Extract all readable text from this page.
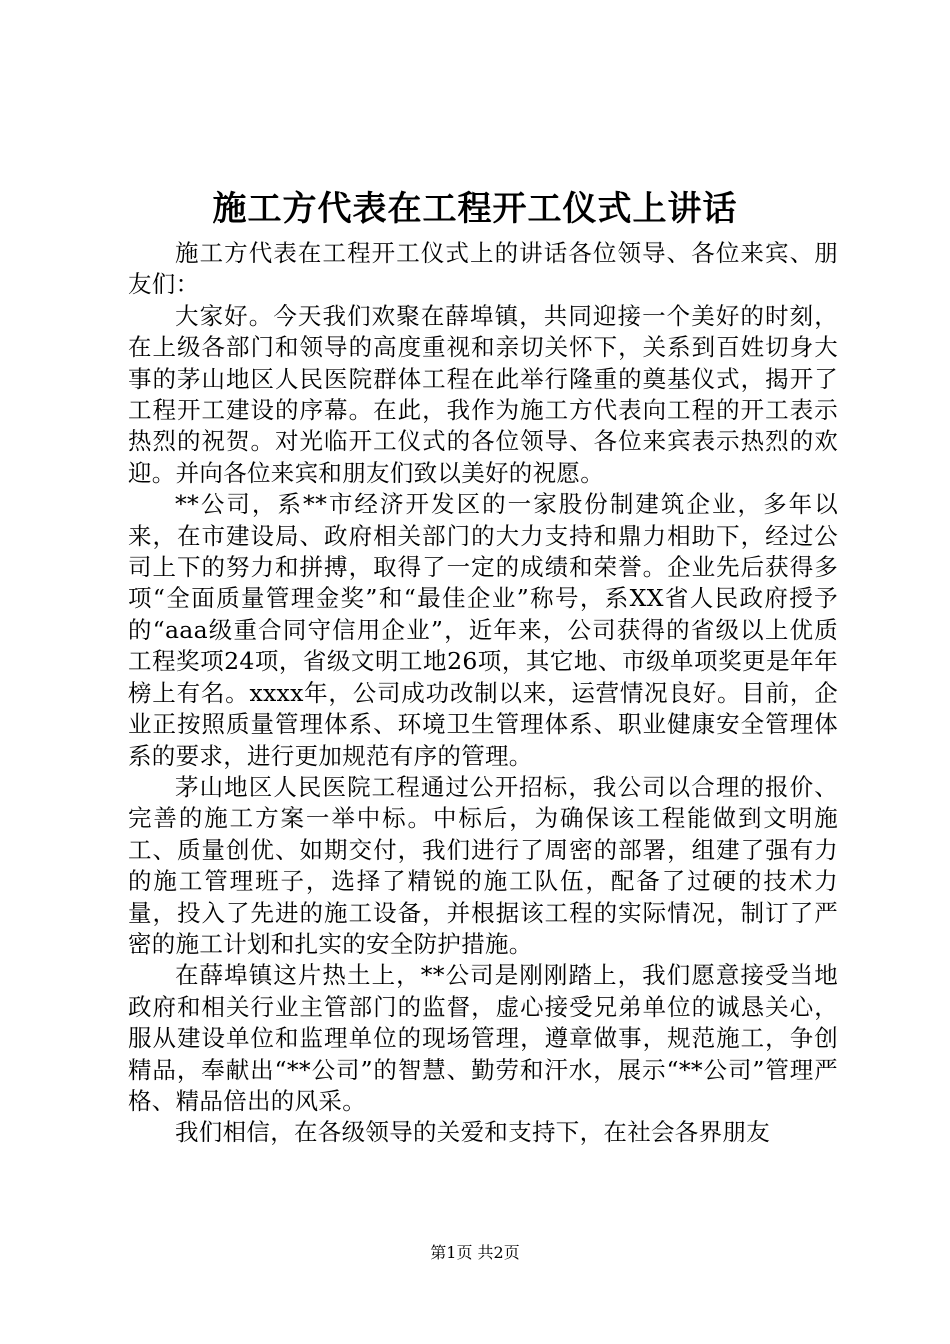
施工方代表在工程开工仪式上讲话

施工方代表在工程开工仪式上的讲话各位领导、各位来宾、朋友们：

大家好。今天我们欢聚在薛埠镇，共同迎接一个美好的时刻，在上级各部门和领导的高度重视和亲切关怀下，关系到百姓切身大事的茅山地区人民医院群体工程在此举行隆重的奠基仪式，揭开了工程开工建设的序幕。在此，我作为施工方代表向工程的开工表示热烈的祝贺。对光临开工仪式的各位领导、各位来宾表示热烈的欢迎。并向各位来宾和朋友们致以美好的祝愿。

**公司，系**市经济开发区的一家股份制建筑企业，多年以来，在市建设局、政府相关部门的大力支持和鼎力相助下，经过公司上下的努力和拼搏，取得了一定的成绩和荣誉。企业先后获得多项“全面质量管理金奖”和“最佳企业”称号，系XX省人民政府授予的“aaa级重合同守信用企业”，近年来，公司获得的省级以上优质工程奖项24项，省级文明工地26项，其它地、市级单项奖更是年年榜上有名。xxxx年，公司成功改制以来，运营情况良好。目前，企业正按照质量管理体系、环境卫生管理体系、职业健康安全管理体系的要求，进行更加规范有序的管理。

茅山地区人民医院工程通过公开招标，我公司以合理的报价、完善的施工方案一举中标。中标后，为确保该工程能做到文明施工、质量创优、如期交付，我们进行了周密的部署，组建了强有力的施工管理班子，选择了精锐的施工队伍，配备了过硬的技术力量，投入了先进的施工设备，并根据该工程的实际情况，制订了严密的施工计划和扎实的安全防护措施。

在薛埠镇这片热土上，**公司是刚刚踏上，我们愿意接受当地政府和相关行业主管部门的监督，虚心接受兄弟单位的诚恳关心，服从建设单位和监理单位的现场管理，遵章做事，规范施工，争创精品，奉献出“**公司”的智慧、勤劳和汗水，展示“**公司”管理严格、精品倍出的风采。

我们相信，在各级领导的关爱和支持下，在社会各界朋友

第1页 共2页
